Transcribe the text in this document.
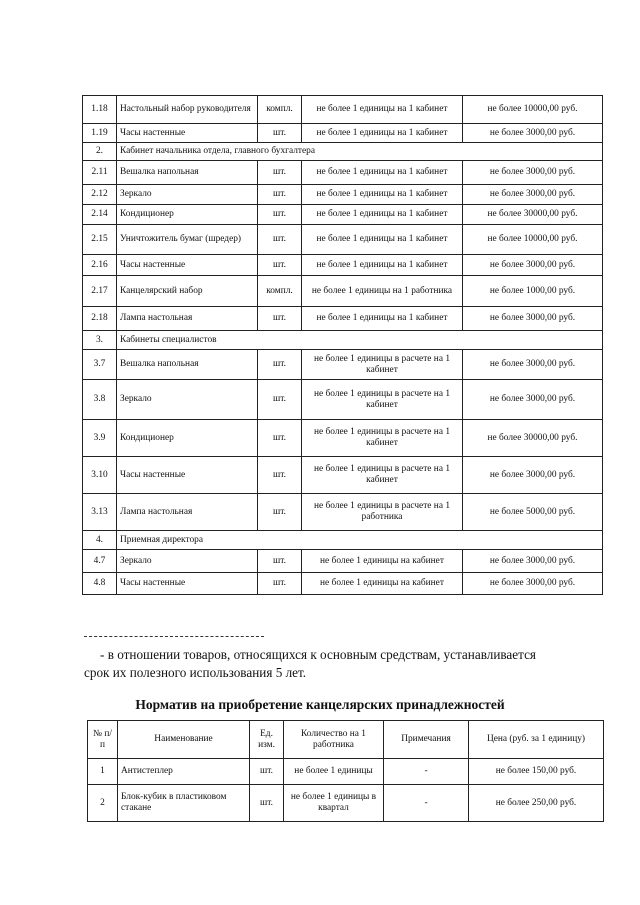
1.18	Настольный набор руководителя	компл.	не более 1 единицы на 1 кабинет	не более 10000,00 руб.
1.19	Часы настенные	шт.	не более 1 единицы на 1 кабинет	не более 3000,00 руб.
2.	Кабинет начальника отдела, главного бухгалтера			
2.11	Вешалка напольная	шт.	не более 1 единицы на 1 кабинет	не более 3000,00 руб.
2.12	Зеркало	шт.	не более 1 единицы на 1 кабинет	не более 3000,00 руб.
2.14	Кондиционер	шт.	не более 1 единицы на 1 кабинет	не более 30000,00 руб.
2.15	Уничтожитель бумаг (шредер)	шт.	не более 1 единицы на 1 кабинет	не более 10000,00 руб.
2.16	Часы настенные	шт.	не более 1 единицы на 1 кабинет	не более 3000,00 руб.
2.17	Канцелярский набор	компл.	не более 1 единицы на 1 работника	не более 1000,00 руб.
2.18	Лампа настольная	шт.	не более 1 единицы на 1 кабинет	не более 3000,00 руб.
3.	Кабинеты специалистов			
3.7	Вешалка напольная	шт.	не более 1 единицы в расчете на 1 кабинет	не более 3000,00 руб.
3.8	Зеркало	шт.	не более 1 единицы в расчете на 1 кабинет	не более 3000,00 руб.
3.9	Кондиционер	шт.	не более 1 единицы в расчете на 1 кабинет	не более 30000,00 руб.
3.10	Часы настенные	шт.	не более 1 единицы в расчете на 1 кабинет	не более 3000,00 руб.
3.13	Лампа настольная	шт.	не более 1 единицы в расчете на 1 работника	не более 5000,00 руб.
4.	Приемная директора			
4.7	Зеркало	шт.	не более 1 единицы на кабинет	не более 3000,00 руб.
4.8	Часы настенные	шт.	не более 1 единицы на кабинет	не более 3000,00 руб.
- в отношении товаров, относящихся к основным средствам, устанавливается
срок их полезного использования 5 лет.
Норматив на приобретение канцелярских принадлежностей
№ п/п	Наименование	Ед. изм.	Количество на 1 работника	Примечания	Цена (руб. за 1 единицу)
1	Антистеплер	шт.	не более 1 единицы	-	не более 150,00 руб.
2	Блок-кубик в пластиковом стакане	шт.	не более 1 единицы в квартал	-	не более 250,00 руб.
